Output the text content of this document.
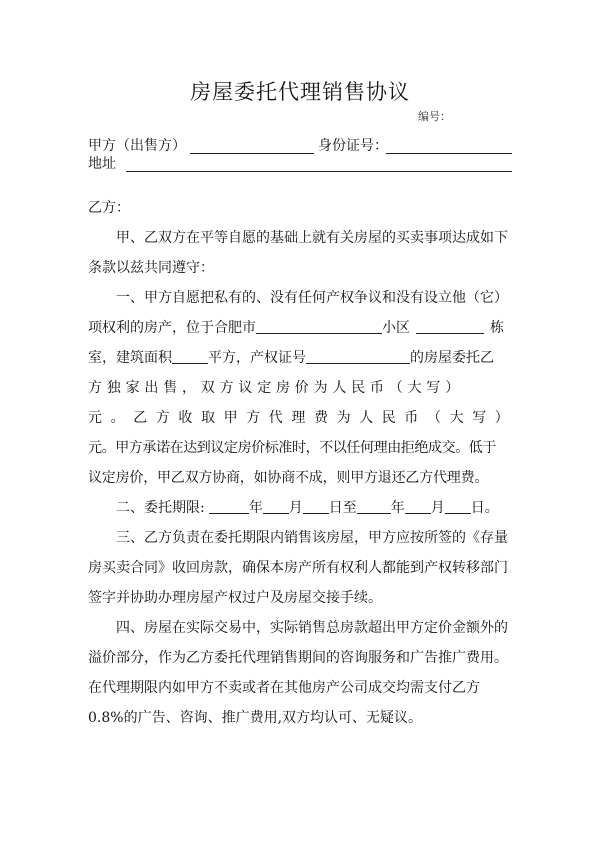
房屋委托代理销售协议
编号：
甲方（出售方）	身份证号：
地址
乙方：
甲、乙双方在平等自愿的基础上就有关房屋的买卖事项达成如下
条款以兹共同遵守：
一、甲方自愿把私有的、没有任何产权争议和没有设立他（它）
项权利的房产，位于合肥市	小区	栋
室，建筑面积	平方，产权证号	的房屋委托乙
方独家出售，双方议定房价为人民币（大写）
元。乙方收取甲方代理费为人民币（大写）
元。甲方承诺在达到议定房价标准时，不以任何理由拒绝成交。低于
议定房价，甲乙双方协商，如协商不成，则甲方退还乙方代理费。
二、委托期限:	年 月 日至 年 月 日。
三、乙方负责在委托期限内销售该房屋，甲方应按所签的《存量
房买卖合同》收回房款，确保本房产所有权利人都能到产权转移部门
签字并协助办理房屋产权过户及房屋交接手续。
四、房屋在实际交易中，实际销售总房款超出甲方定价金额外的
溢价部分，作为乙方委托代理销售期间的咨询服务和广告推广费用。
在代理期限内如甲方不卖或者在其他房产公司成交均需支付乙方
0.8%的广告、咨询、推广费用,双方均认可、无疑议。
